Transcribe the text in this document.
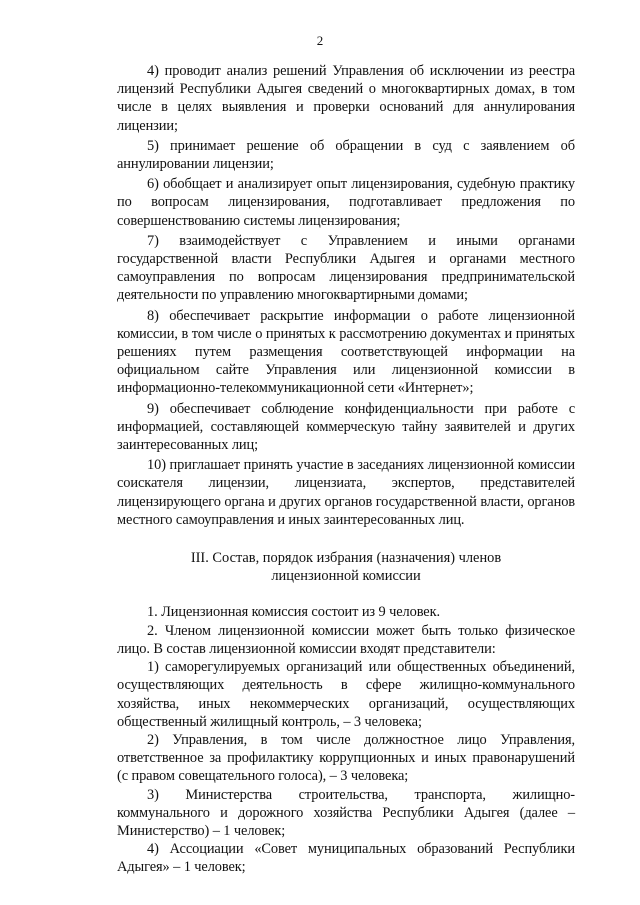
2

4) проводит анализ решений Управления об исключении из реестра лицензий Республики Адыгея сведений о многоквартирных домах, в том числе в целях выявления и проверки оснований для аннулирования лицензии;

5) принимает решение об обращении в суд с заявлением об аннулировании лицензии;

6) обобщает и анализирует опыт лицензирования, судебную практику по вопросам лицензирования, подготавливает предложения по совершенствованию системы лицензирования;

7) взаимодействует с Управлением и иными органами государственной власти Республики Адыгея и органами местного самоуправления по вопросам лицензирования предпринимательской деятельности по управлению многоквартирными домами;

8) обеспечивает раскрытие информации о работе лицензионной комиссии, в том числе о принятых к рассмотрению документах и принятых решениях путем размещения соответствующей информации на официальном сайте Управления или лицензионной комиссии в информационно-телекоммуникационной сети «Интернет»;

9) обеспечивает соблюдение конфиденциальности при работе с информацией, составляющей коммерческую тайну заявителей и других заинтересованных лиц;

10) приглашает принять участие в заседаниях лицензионной комиссии соискателя лицензии, лицензиата, экспертов, представителей лицензирующего органа и других органов государственной власти, органов местного самоуправления и иных заинтересованных лиц.

III. Состав, порядок избрания (назначения) членов
лицензионной комиссии

1. Лицензионная комиссия состоит из 9 человек.

2. Членом лицензионной комиссии может быть только физическое лицо. В состав лицензионной комиссии входят представители:

1) саморегулируемых организаций или общественных объединений, осуществляющих деятельность в сфере жилищно-коммунального хозяйства, иных некоммерческих организаций, осуществляющих общественный жилищный контроль, – 3 человека;

2) Управления, в том числе должностное лицо Управления, ответственное за профилактику коррупционных и иных правонарушений (с правом совещательного голоса), – 3 человека;

3) Министерства строительства, транспорта, жилищно-коммунального и дорожного хозяйства Республики Адыгея (далее – Министерство) – 1 человек;

4) Ассоциации «Совет муниципальных образований Республики Адыгея» – 1 человек;
